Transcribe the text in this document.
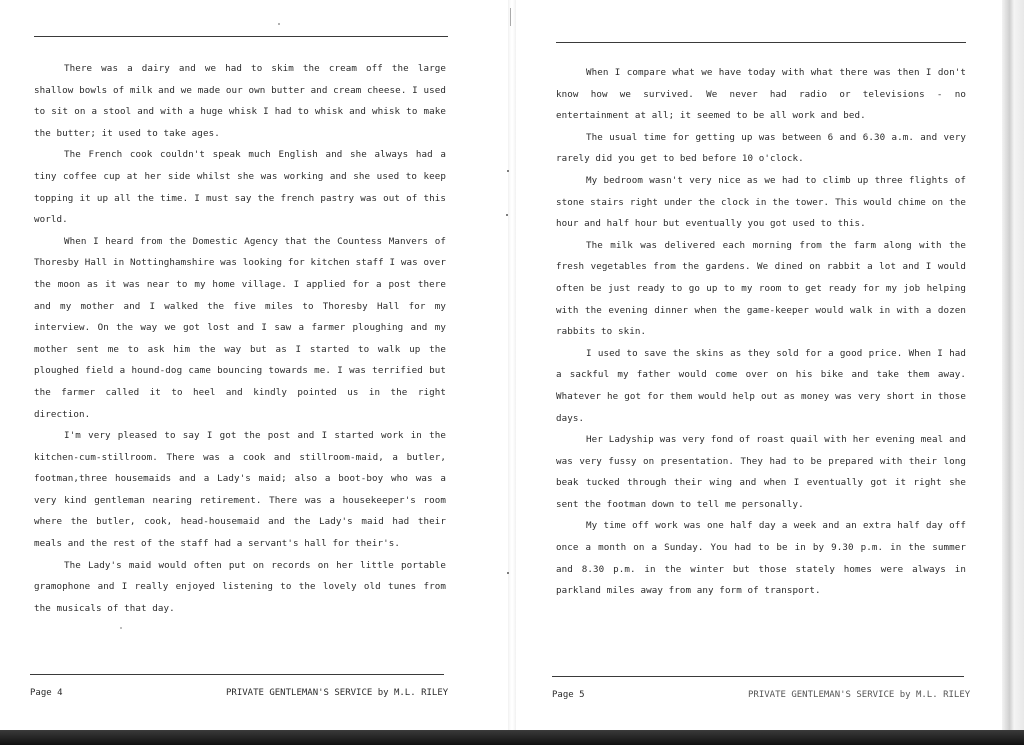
There was a dairy and we had to skim the cream off the large shallow bowls of milk and we made our own butter and cream cheese. I used to sit on a stool and with a huge whisk I had to whisk and whisk to make the butter; it used to take ages.

The French cook couldn't speak much English and she always had a tiny coffee cup at her side whilst she was working and she used to keep topping it up all the time. I must say the french pastry was out of this world.

When I heard from the Domestic Agency that the Countess Manvers of Thoresby Hall in Nottinghamshire was looking for kitchen staff I was over the moon as it was near to my home village. I applied for a post there and my mother and I walked the five miles to Thoresby Hall for my interview. On the way we got lost and I saw a farmer ploughing and my mother sent me to ask him the way but as I started to walk up the ploughed field a hound-dog came bouncing towards me. I was terrified but the farmer called it to heel and kindly pointed us in the right direction.

I'm very pleased to say I got the post and I started work in the kitchen-cum-stillroom. There was a cook and stillroom-maid, a butler, footman,three housemaids and a Lady's maid; also a boot-boy who was a very kind gentleman nearing retirement. There was a housekeeper's room where the butler, cook, head-housemaid and the Lady's maid had their meals and the rest of the staff had a servant's hall for their's.

The Lady's maid would often put on records on her little portable gramophone and I really enjoyed listening to the lovely old tunes from the musicals of that day.

Page 4	PRIVATE GENTLEMAN'S SERVICE by M.L. RILEY

When I compare what we have today with what there was then I don't know how we survived. We never had radio or televisions - no entertainment at all; it seemed to be all work and bed.

The usual time for getting up was between 6 and 6.30 a.m. and very rarely did you get to bed before 10 o'clock.

My bedroom wasn't very nice as we had to climb up three flights of stone stairs right under the clock in the tower. This would chime on the hour and half hour but eventually you got used to this.

The milk was delivered each morning from the farm along with the fresh vegetables from the gardens. We dined on rabbit a lot and I would often be just ready to go up to my room to get ready for my job helping with the evening dinner when the game-keeper would walk in with a dozen rabbits to skin.

I used to save the skins as they sold for a good price. When I had a sackful my father would come over on his bike and take them away. Whatever he got for them would help out as money was very short in those days.

Her Ladyship was very fond of roast quail with her evening meal and was very fussy on presentation. They had to be prepared with their long beak tucked through their wing and when I eventually got it right she sent the footman down to tell me personally.

My time off work was one half day a week and an extra half day off once a month on a Sunday. You had to be in by 9.30 p.m. in the summer and 8.30 p.m. in the winter but those stately homes were always in parkland miles away from any form of transport.

Page 5	PRIVATE GENTLEMAN'S SERVICE by M.L. RILEY
